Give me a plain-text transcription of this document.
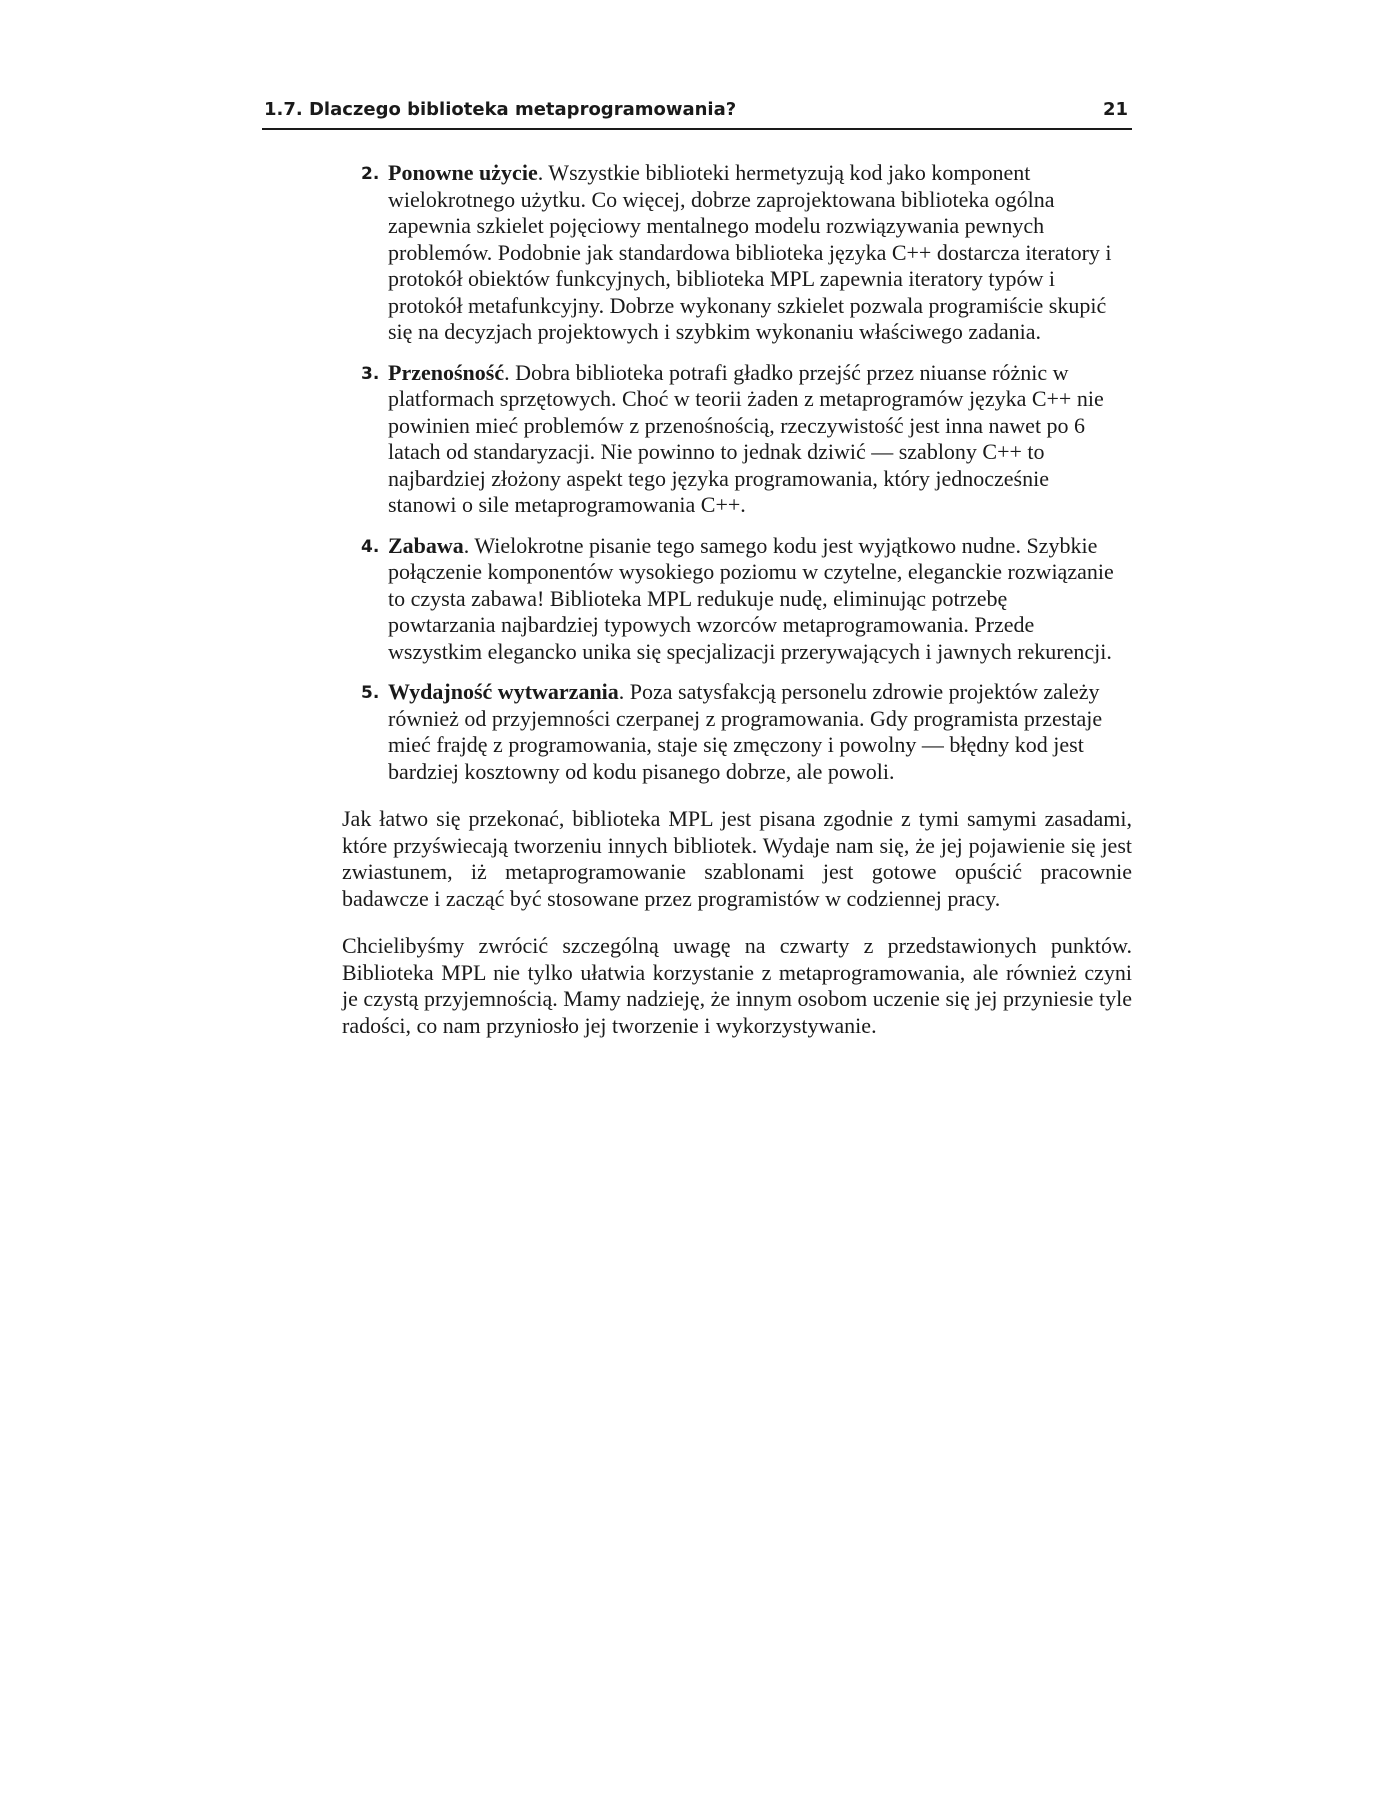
1.7. Dlaczego biblioteka metaprogramowania?	21
2. Ponowne użycie. Wszystkie biblioteki hermetyzują kod jako komponent wielokrotnego użytku. Co więcej, dobrze zaprojektowana biblioteka ogólna zapewnia szkielet pojęciowy mentalnego modelu rozwiązywania pewnych problemów. Podobnie jak standardowa biblioteka języka C++ dostarcza iteratory i protokół obiektów funkcyjnych, biblioteka MPL zapewnia iteratory typów i protokół metafunkcyjny. Dobrze wykonany szkielet pozwala programiście skupić się na decyzjach projektowych i szybkim wykonaniu właściwego zadania.
3. Przenośność. Dobra biblioteka potrafi gładko przejść przez niuanse różnic w platformach sprzętowych. Choć w teorii żaden z metaprogramów języka C++ nie powinien mieć problemów z przenośnością, rzeczywistość jest inna nawet po 6 latach od standaryzacji. Nie powinno to jednak dziwić — szablony C++ to najbardziej złożony aspekt tego języka programowania, który jednocześnie stanowi o sile metaprogramowania C++.
4. Zabawa. Wielokrotne pisanie tego samego kodu jest wyjątkowo nudne. Szybkie połączenie komponentów wysokiego poziomu w czytelne, eleganckie rozwiązanie to czysta zabawa! Biblioteka MPL redukuje nudę, eliminując potrzebę powtarzania najbardziej typowych wzorców metaprogramowania. Przede wszystkim elegancko unika się specjalizacji przerywających i jawnych rekurencji.
5. Wydajność wytwarzania. Poza satysfakcją personelu zdrowie projektów zależy również od przyjemności czerpanej z programowania. Gdy programista przestaje mieć frajdę z programowania, staje się zmęczony i powolny — błędny kod jest bardziej kosztowny od kodu pisanego dobrze, ale powoli.

Jak łatwo się przekonać, biblioteka MPL jest pisana zgodnie z tymi samymi zasadami, które przyświecają tworzeniu innych bibliotek. Wydaje nam się, że jej pojawienie się jest zwiastunem, iż metaprogramowanie szablonami jest gotowe opuścić pracownie badawcze i zacząć być stosowane przez programistów w codziennej pracy.

Chcielibyśmy zwrócić szczególną uwagę na czwarty z przedstawionych punktów. Biblioteka MPL nie tylko ułatwia korzystanie z metaprogramowania, ale również czyni je czystą przyjemnością. Mamy nadzieję, że innym osobom uczenie się jej przyniesie tyle radości, co nam przyniosło jej tworzenie i wykorzystywanie.
